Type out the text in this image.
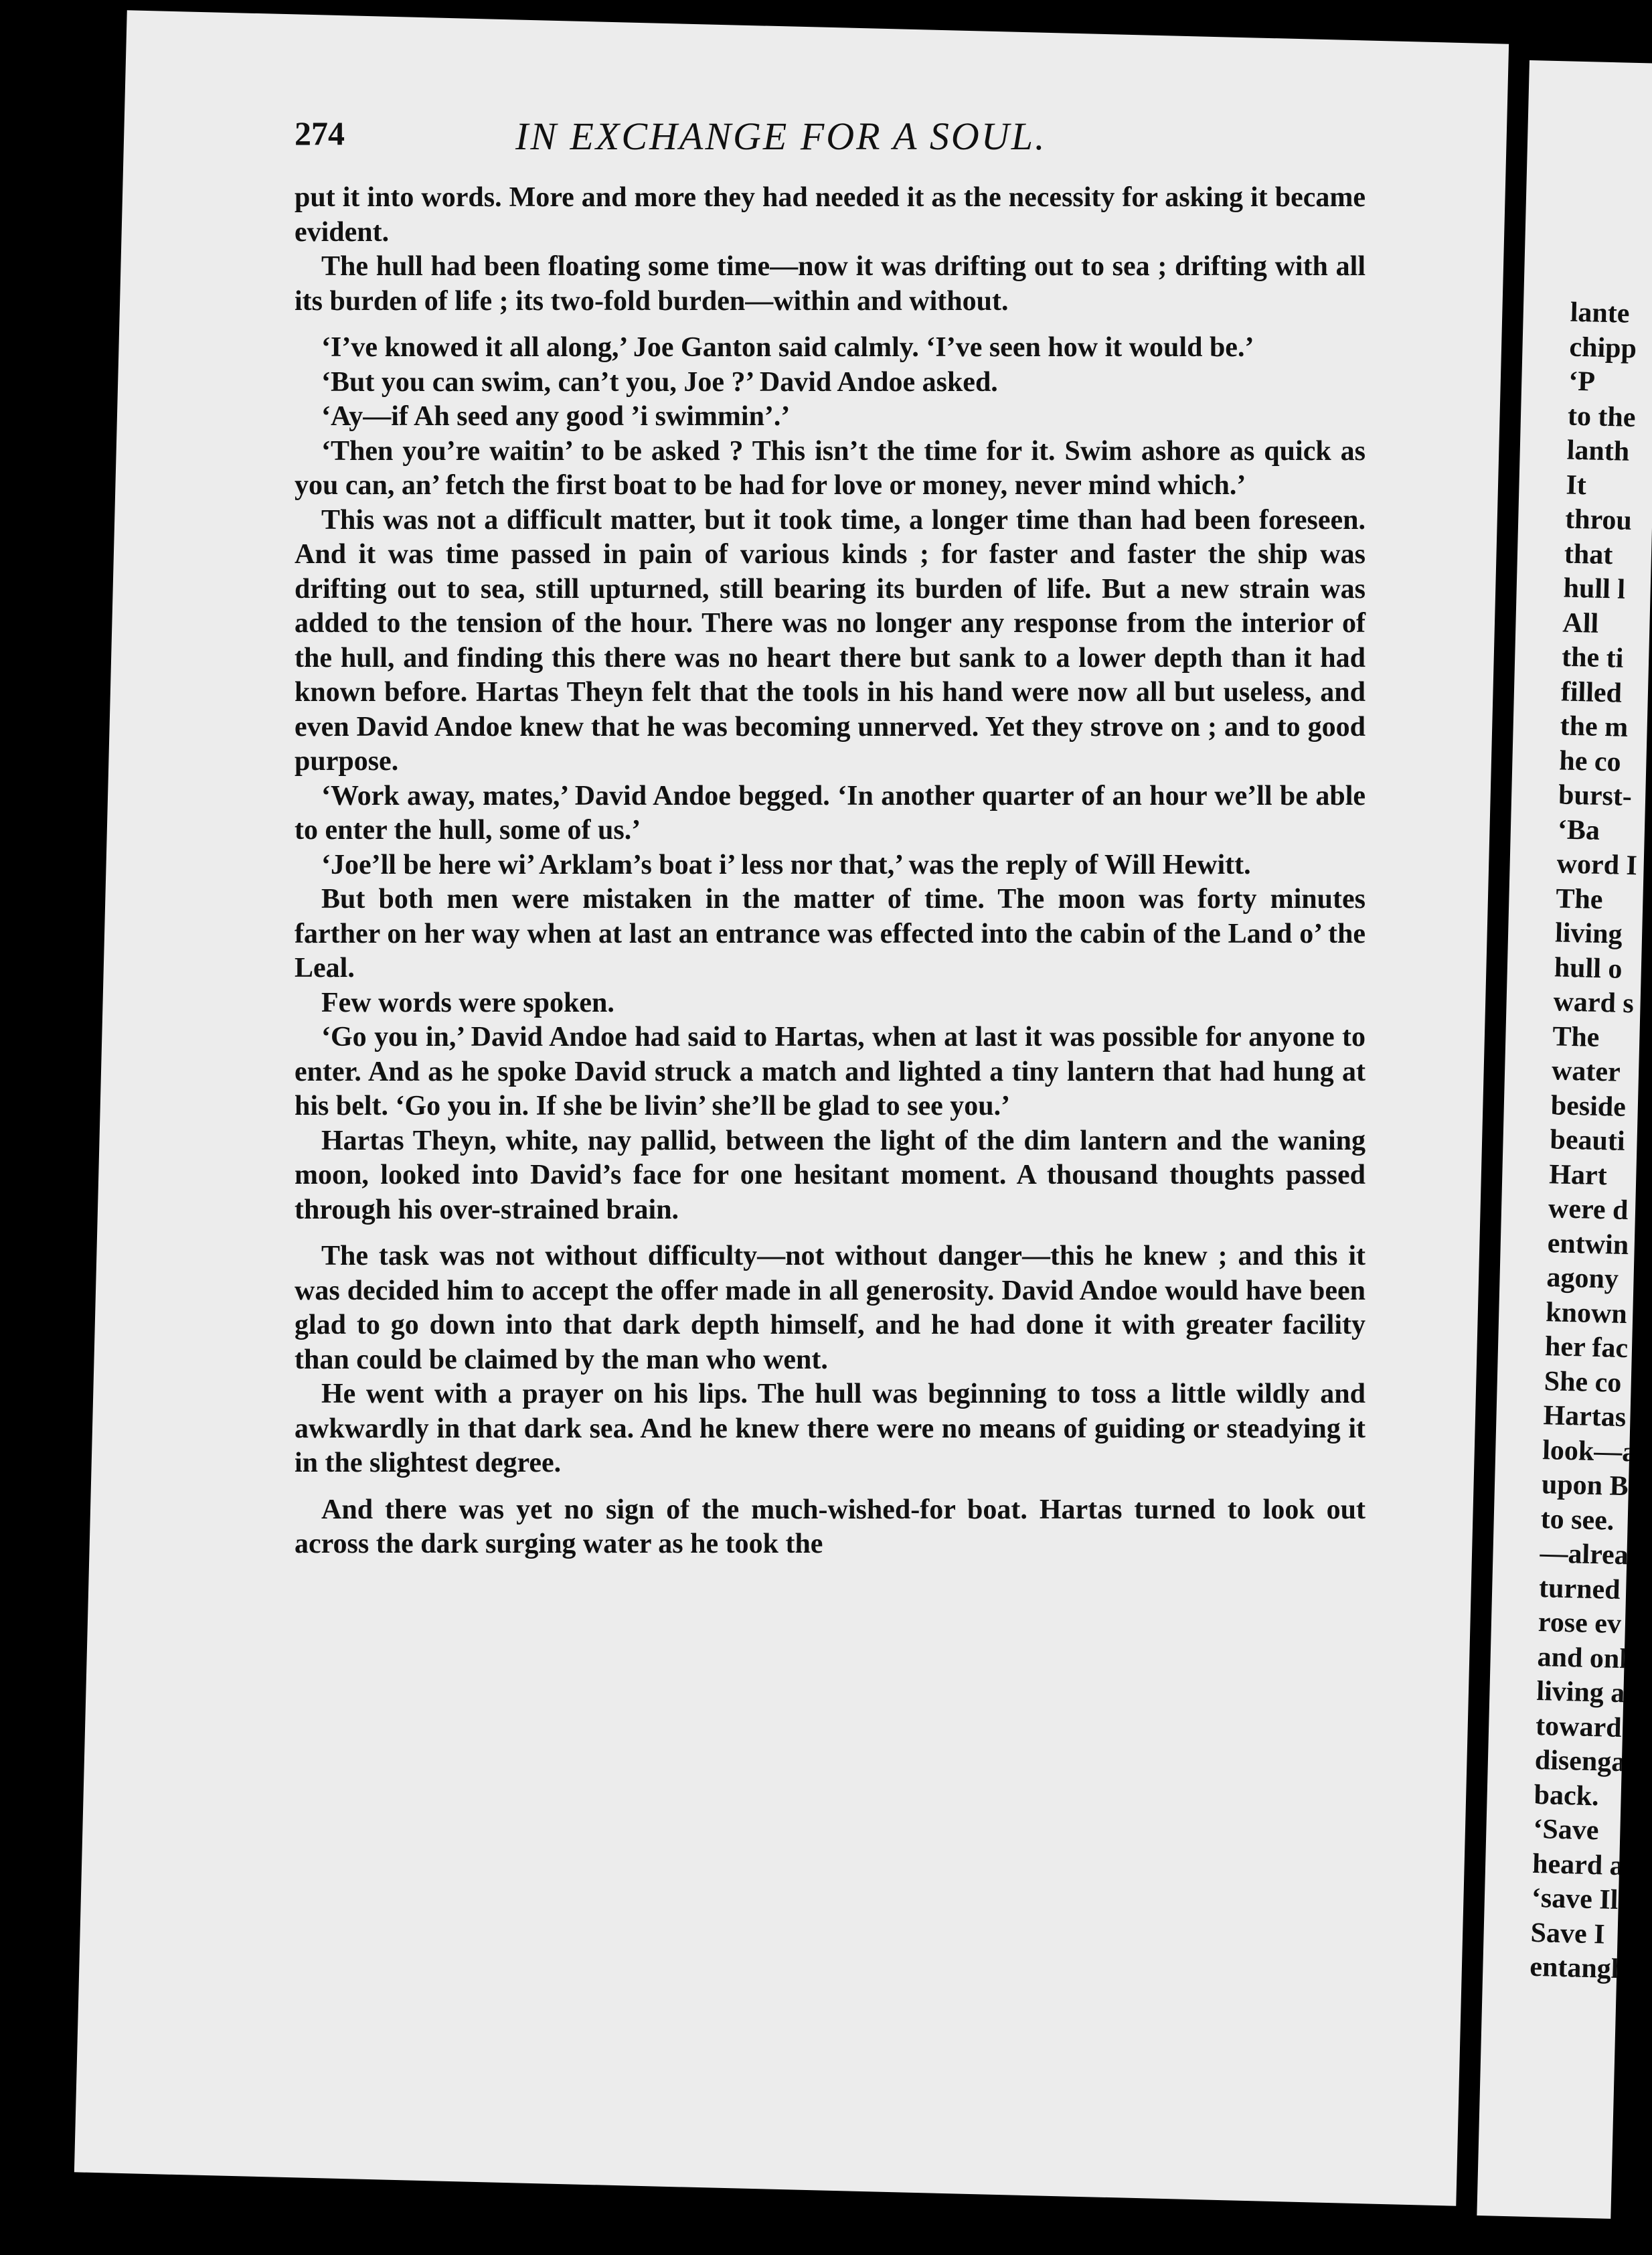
lante
chipp
‘P
to the
lanth
It
throu
that
hull l
All
the ti
filled
the m
he co
burst-
‘Ba
word I
The
living
hull o
ward s
The
water
beside
beauti
Hart
were d
entwin
agony
known
her fac
She co
Hartas
look—a
upon B
to see.
—alrea
turned
rose ev
and onl
living a
toward
disenga
back.
‘Save
heard al
‘save Ile
Save I
entangle
274	IN EXCHANGE FOR A SOUL.

put it into words. More and more they had needed it as the necessity for asking it became evident.

The hull had been floating some time—now it was drifting out to sea ; drifting with all its burden of life ; its two-fold burden—within and without.

‘I’ve knowed it all along,’ Joe Ganton said calmly. ‘I’ve seen how it would be.’

‘But you can swim, can’t you, Joe ?’ David Andoe asked.

‘Ay—if Ah seed any good ’i swimmin’.’

‘Then you’re waitin’ to be asked ? This isn’t the time for it. Swim ashore as quick as you can, an’ fetch the first boat to be had for love or money, never mind which.’

This was not a difficult matter, but it took time, a longer time than had been foreseen. And it was time passed in pain of various kinds ; for faster and faster the ship was drifting out to sea, still upturned, still bearing its burden of life. But a new strain was added to the tension of the hour. There was no longer any response from the interior of the hull, and finding this there was no heart there but sank to a lower depth than it had known before. Hartas Theyn felt that the tools in his hand were now all but useless, and even David Andoe knew that he was becoming unnerved. Yet they strove on ; and to good purpose.

‘Work away, mates,’ David Andoe begged. ‘In another quarter of an hour we’ll be able to enter the hull, some of us.’

‘Joe’ll be here wi’ Arklam’s boat i’ less nor that,’ was the reply of Will Hewitt.

But both men were mistaken in the matter of time. The moon was forty minutes farther on her way when at last an entrance was effected into the cabin of the Land o’ the Leal.

Few words were spoken.

‘Go you in,’ David Andoe had said to Hartas, when at last it was possible for anyone to enter. And as he spoke David struck a match and lighted a tiny lantern that had hung at his belt. ‘Go you in. If she be livin’ she’ll be glad to see you.’

Hartas Theyn, white, nay pallid, between the light of the dim lantern and the waning moon, looked into David’s face for one hesitant moment. A thousand thoughts passed through his over-strained brain.

The task was not without difficulty—not without danger—this he knew ; and this it was decided him to accept the offer made in all generosity. David Andoe would have been glad to go down into that dark depth himself, and he had done it with greater facility than could be claimed by the man who went.

He went with a prayer on his lips. The hull was beginning to toss a little wildly and awkwardly in that dark sea. And he knew there were no means of guiding or steadying it in the slightest degree.

And there was yet no sign of the much-wished-for boat. Hartas turned to look out across the dark surging water as he took the
